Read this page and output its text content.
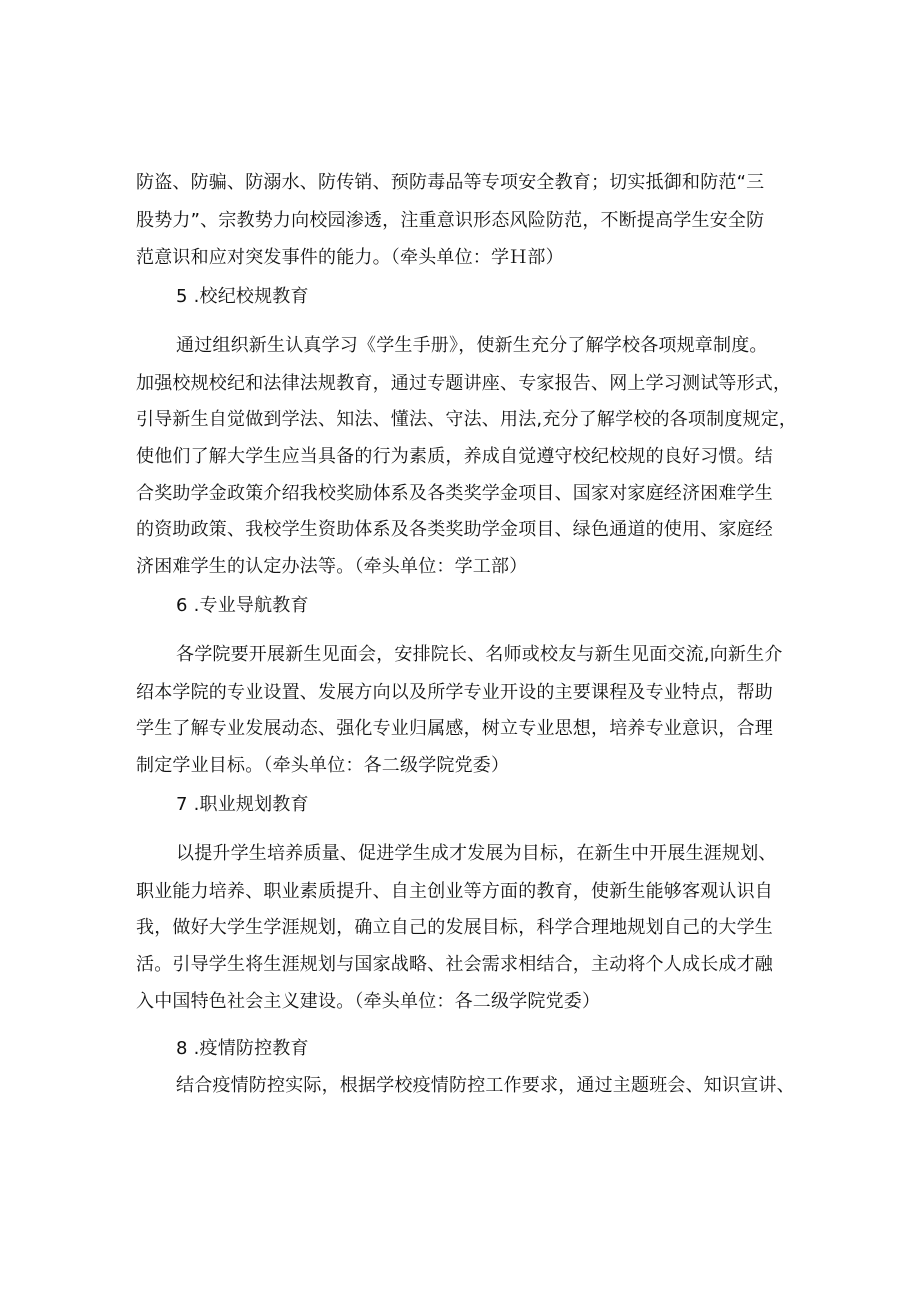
防盗、防骗、防溺水、防传销、预防毒品等专项安全教育；切实抵御和防范“三
股势力”、宗教势力向校园渗透，注重意识形态风险防范，不断提高学生安全防
范意识和应对突发事件的能力。（牵头单位：学Ｈ部）
5 .校纪校规教育
通过组织新生认真学习《学生手册》，使新生充分了解学校各项规章制度。
加强校规校纪和法律法规教育，通过专题讲座、专家报告、网上学习测试等形式，
引导新生自觉做到学法、知法、懂法、守法、用法,充分了解学校的各项制度规定，
使他们了解大学生应当具备的行为素质，养成自觉遵守校纪校规的良好习惯。结
合奖助学金政策介绍我校奖励体系及各类奖学金项目、国家对家庭经济困难学生
的资助政策、我校学生资助体系及各类奖助学金项目、绿色通道的使用、家庭经
济困难学生的认定办法等。（牵头单位：学工部）
6 .专业导航教育
各学院要开展新生见面会，安排院长、名师或校友与新生见面交流,向新生介
绍本学院的专业设置、发展方向以及所学专业开设的主要课程及专业特点，帮助
学生了解专业发展动态、强化专业归属感，树立专业思想，培养专业意识，合理
制定学业目标。（牵头单位：各二级学院党委）
7 .职业规划教育
以提升学生培养质量、促进学生成才发展为目标，在新生中开展生涯规划、
职业能力培养、职业素质提升、自主创业等方面的教育，使新生能够客观认识自
我，做好大学生学涯规划，确立自己的发展目标，科学合理地规划自己的大学生
活。引导学生将生涯规划与国家战略、社会需求相结合，主动将个人成长成才融
入中国特色社会主义建设。（牵头单位：各二级学院党委）
8 .疫情防控教育
结合疫情防控实际，根据学校疫情防控工作要求，通过主题班会、知识宣讲、
